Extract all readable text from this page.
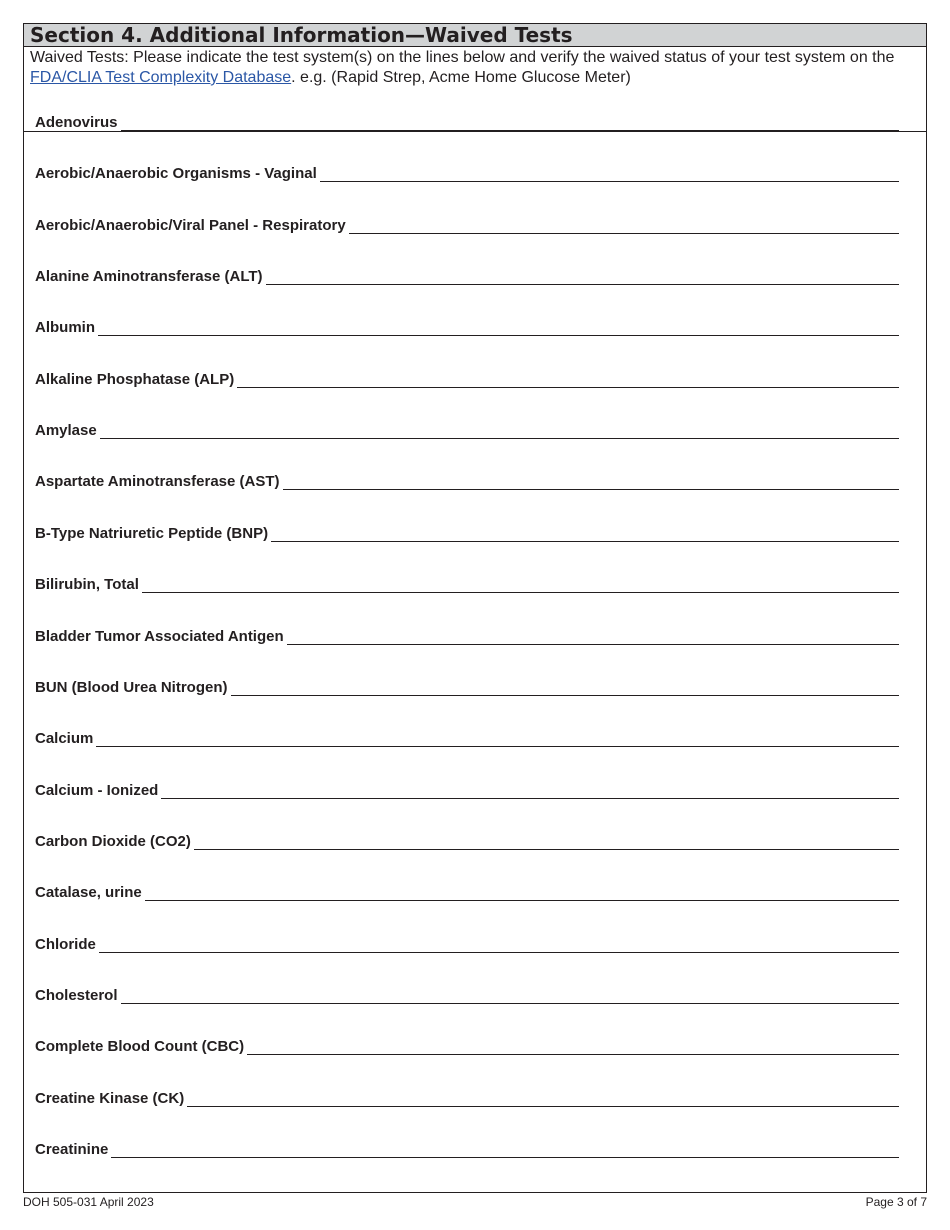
Section 4. Additional Information—Waived Tests
Waived Tests: Please indicate the test system(s) on the lines below and verify the waived status of your test system on the FDA/CLIA Test Complexity Database. e.g. (Rapid Strep, Acme Home Glucose Meter)
Adenovirus
Aerobic/Anaerobic Organisms - Vaginal
Aerobic/Anaerobic/Viral Panel - Respiratory
Alanine Aminotransferase (ALT)
Albumin
Alkaline Phosphatase (ALP)
Amylase
Aspartate Aminotransferase (AST)
B-Type Natriuretic Peptide (BNP)
Bilirubin, Total
Bladder Tumor Associated Antigen
BUN (Blood Urea Nitrogen)
Calcium
Calcium - Ionized
Carbon Dioxide (CO2)
Catalase, urine
Chloride
Cholesterol
Complete Blood Count (CBC)
Creatine Kinase (CK)
Creatinine
DOH 505-031 April 2023	Page 3 of 7
